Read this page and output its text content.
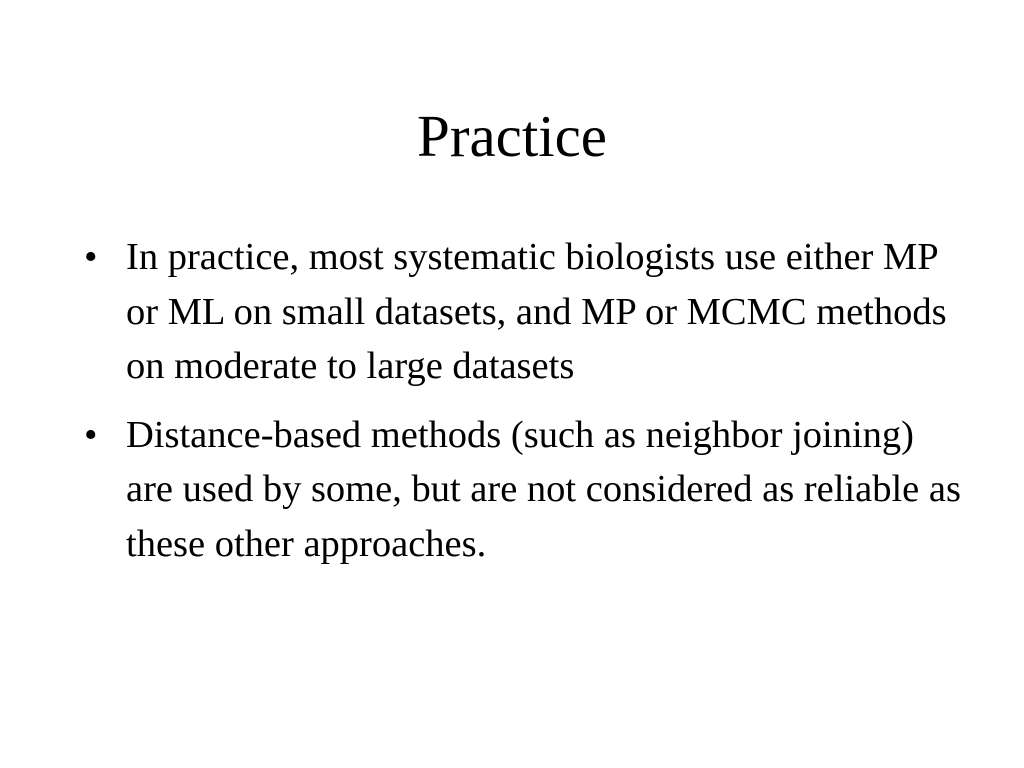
Practice
• In practice, most systematic biologists use either MP or ML on small datasets, and MP or MCMC methods on moderate to large datasets
• Distance-based methods (such as neighbor joining) are used by some, but are not considered as reliable as these other approaches.
